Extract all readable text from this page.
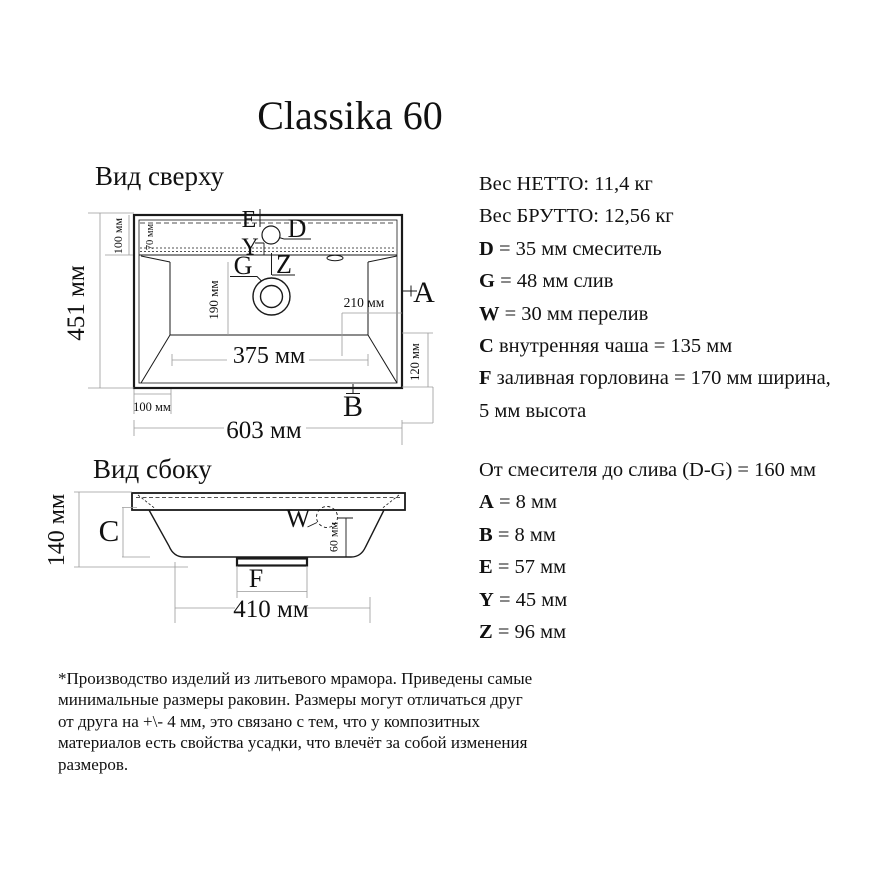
Classika 60
Вид сверху
Вид сбоку
E D
Y
G Z
A
B
451 мм
100 мм 70 мм
190 мм	210 мм
375 мм	120 мм
100 мм
603 мм
C	W
F
60 мм
140 мм
410 мм
Вес НЕТТО: 11,4 кг
Вес БРУТТО: 12,56 кг
D = 35 мм смеситель
G = 48 мм слив
W = 30 мм перелив
C внутренняя чаша = 135 мм
F заливная горловина = 170 мм ширина,
5 мм высота
От смесителя до слива (D-G) = 160 мм
A = 8 мм
B = 8 мм
E = 57 мм
Y = 45 мм
Z = 96 мм
*Производство изделий из литьевого мрамора. Приведены самые
минимальные размеры раковин. Размеры могут отличаться друг
от друга на +\- 4 мм, это связано с тем, что у композитных
материалов есть свойства усадки, что влечёт за собой изменения
размеров.
